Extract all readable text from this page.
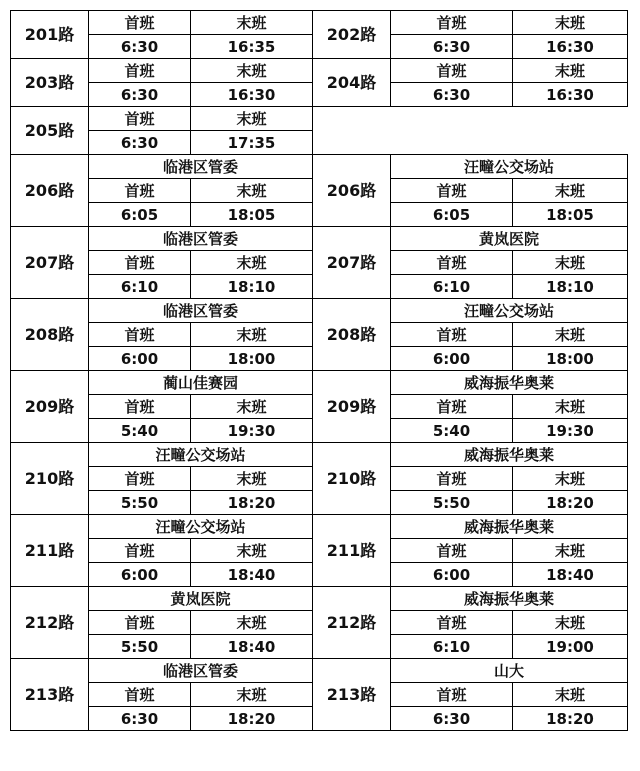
201路	首班	末班	202路	首班	末班
	6:30	16:35		6:30	16:30
203路	首班	末班	204路	首班	末班
	6:30	16:30		6:30	16:30
205路	首班	末班			
	6:30	17:35			
206路	临港区管委		206路	汪疃公交场站	
	首班	末班		首班	末班
	6:05	18:05		6:05	18:05
207路	临港区管委		207路	黄岚医院	
	首班	末班		首班	末班
	6:10	18:10		6:10	18:10
208路	临港区管委		208路	汪疃公交场站	
	首班	末班		首班	末班
	6:00	18:00		6:00	18:00
209路	蔺山佳赛园		209路	威海振华奥莱	
	首班	末班		首班	末班
	5:40	19:30		5:40	19:30
210路	汪疃公交场站		210路	威海振华奥莱	
	首班	末班		首班	末班
	5:50	18:20		5:50	18:20
211路	汪疃公交场站		211路	威海振华奥莱	
	首班	末班		首班	末班
	6:00	18:40		6:00	18:40
212路	黄岚医院		212路	威海振华奥莱	
	首班	末班		首班	末班
	5:50	18:40		6:10	19:00
213路	临港区管委		213路	山大	
	首班	末班		首班	末班
	6:30	18:20		6:30	18:20
